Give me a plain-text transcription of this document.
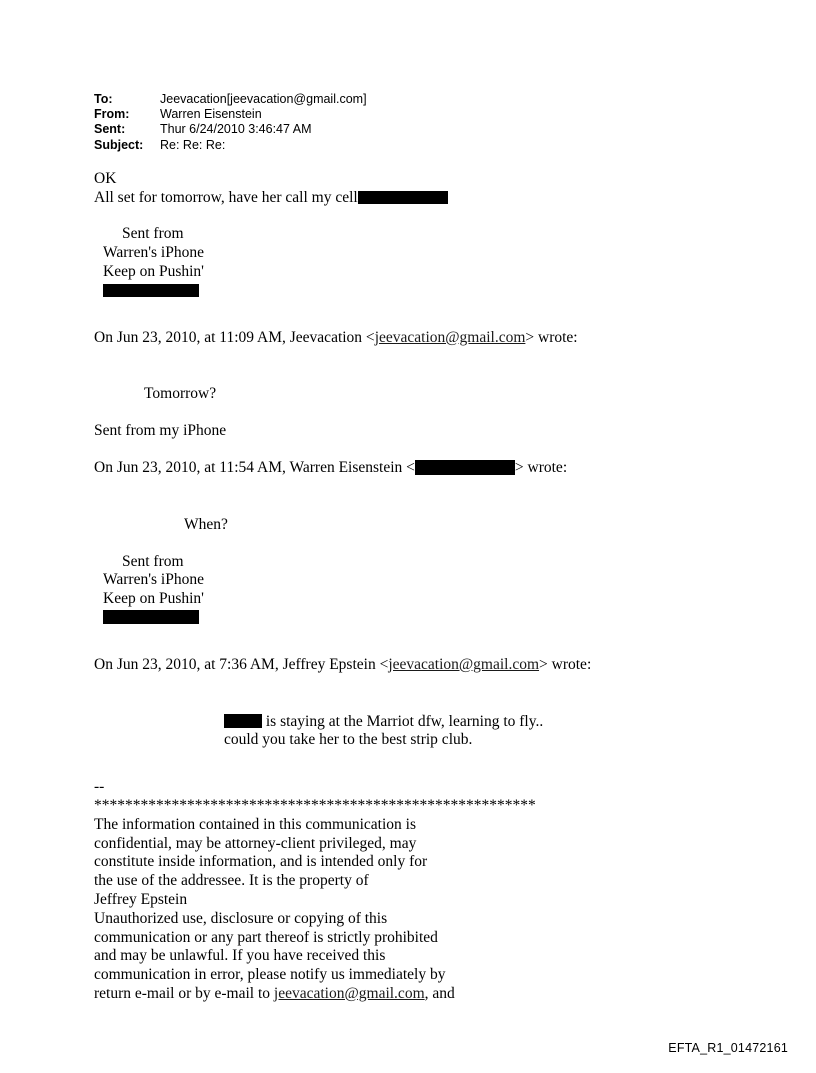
To:	Jeevacation[jeevacation@gmail.com]
From:	Warren Eisenstein
Sent:	Thur 6/24/2010 3:46:47 AM
Subject:	Re: Re: Re:

OK

All set for tomorrow, have her call my cell

Sent from
Warren's iPhone
Keep on Pushin'

On Jun 23, 2010, at 11:09 AM, Jeevacation <jeevacation@gmail.com> wrote:

Tomorrow?

Sent from my iPhone

On Jun 23, 2010, at 11:54 AM, Warren Eisenstein <	> wrote:

When?

Sent from
Warren's iPhone
Keep on Pushin'

On Jun 23, 2010, at 7:36 AM, Jeffrey Epstein <jeevacation@gmail.com> wrote:

is staying at the Marriot dfw, learning to fly..

could you take her to the best strip club.

--

*********************************************************

The information contained in this communication is
confidential, may be attorney-client privileged, may
constitute inside information, and is intended only for
the use of the addressee. It is the property of
Jeffrey Epstein
Unauthorized use, disclosure or copying of this
communication or any part thereof is strictly prohibited
and may be unlawful. If you have received this
communication in error, please notify us immediately by
return e-mail or by e-mail to jeevacation@gmail.com, and
EFTA_R1_01472161
